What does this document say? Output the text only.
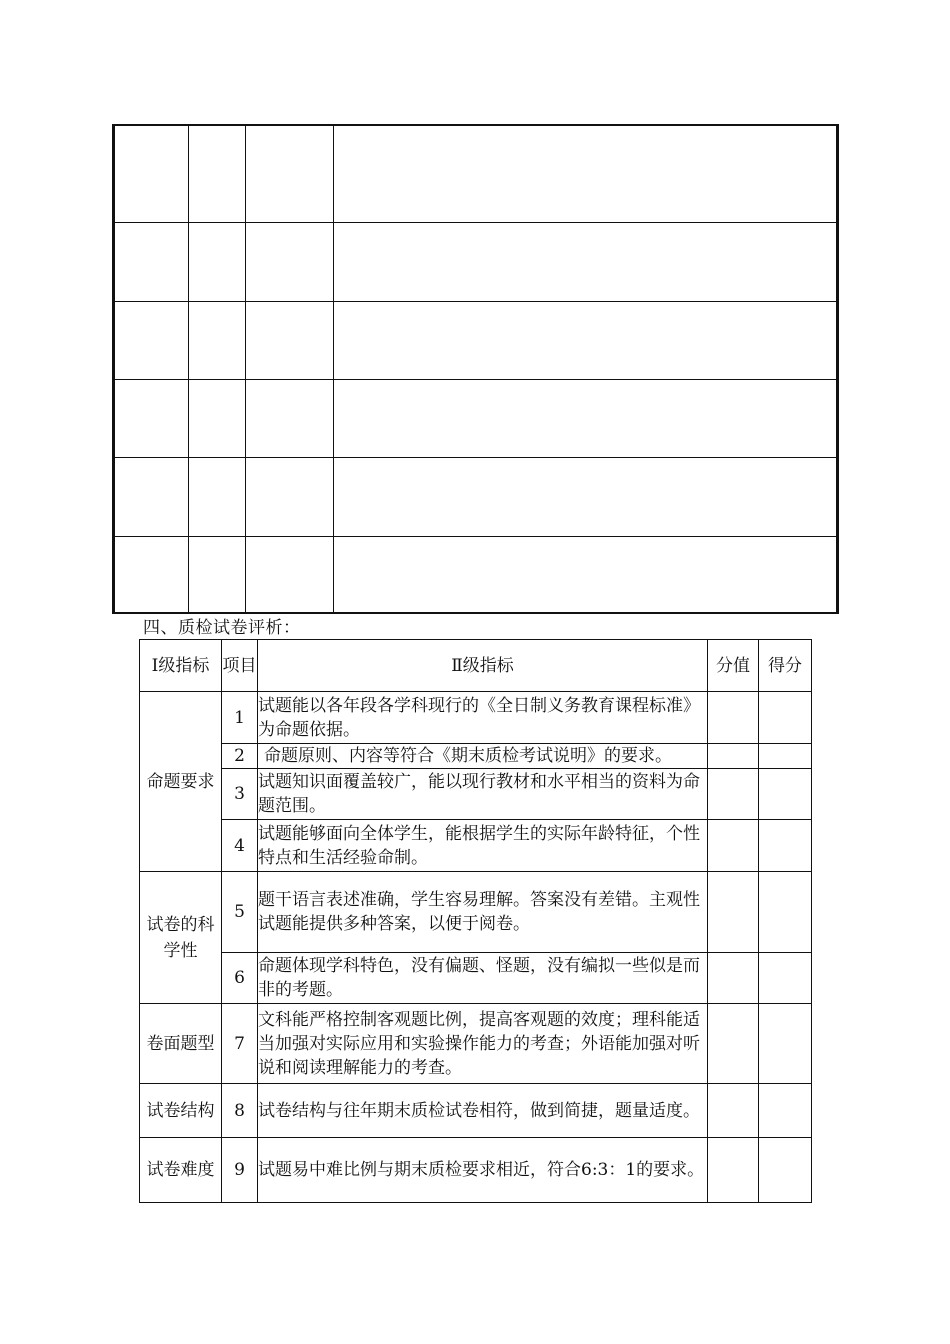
四、质检试卷评析：
Ⅰ级指标	项目	Ⅱ级指标	分值	得分
命题要求	1	试题能以各年段各学科现行的《全日制义务教育课程标准》为命题依据。		
	2	命题原则、内容等符合《期末质检考试说明》的要求。		
	3	试题知识面覆盖较广，能以现行教材和水平相当的资料为命题范围。		
	4	试题能够面向全体学生，能根据学生的实际年龄特征，个性特点和生活经验命制。		
试卷的科学性	5	题干语言表述准确，学生容易理解。答案没有差错。主观性试题能提供多种答案，以便于阅卷。		
	6	命题体现学科特色，没有偏题、怪题，没有编拟一些似是而非的考题。		
卷面题型	7	文科能严格控制客观题比例，提高客观题的效度；理科能适当加强对实际应用和实验操作能力的考查；外语能加强对听说和阅读理解能力的考查。		
试卷结构	8	试卷结构与往年期末质检试卷相符，做到简捷，题量适度。		
试卷难度	9	试题易中难比例与期末质检要求相近，符合6:3：1的要求。		
